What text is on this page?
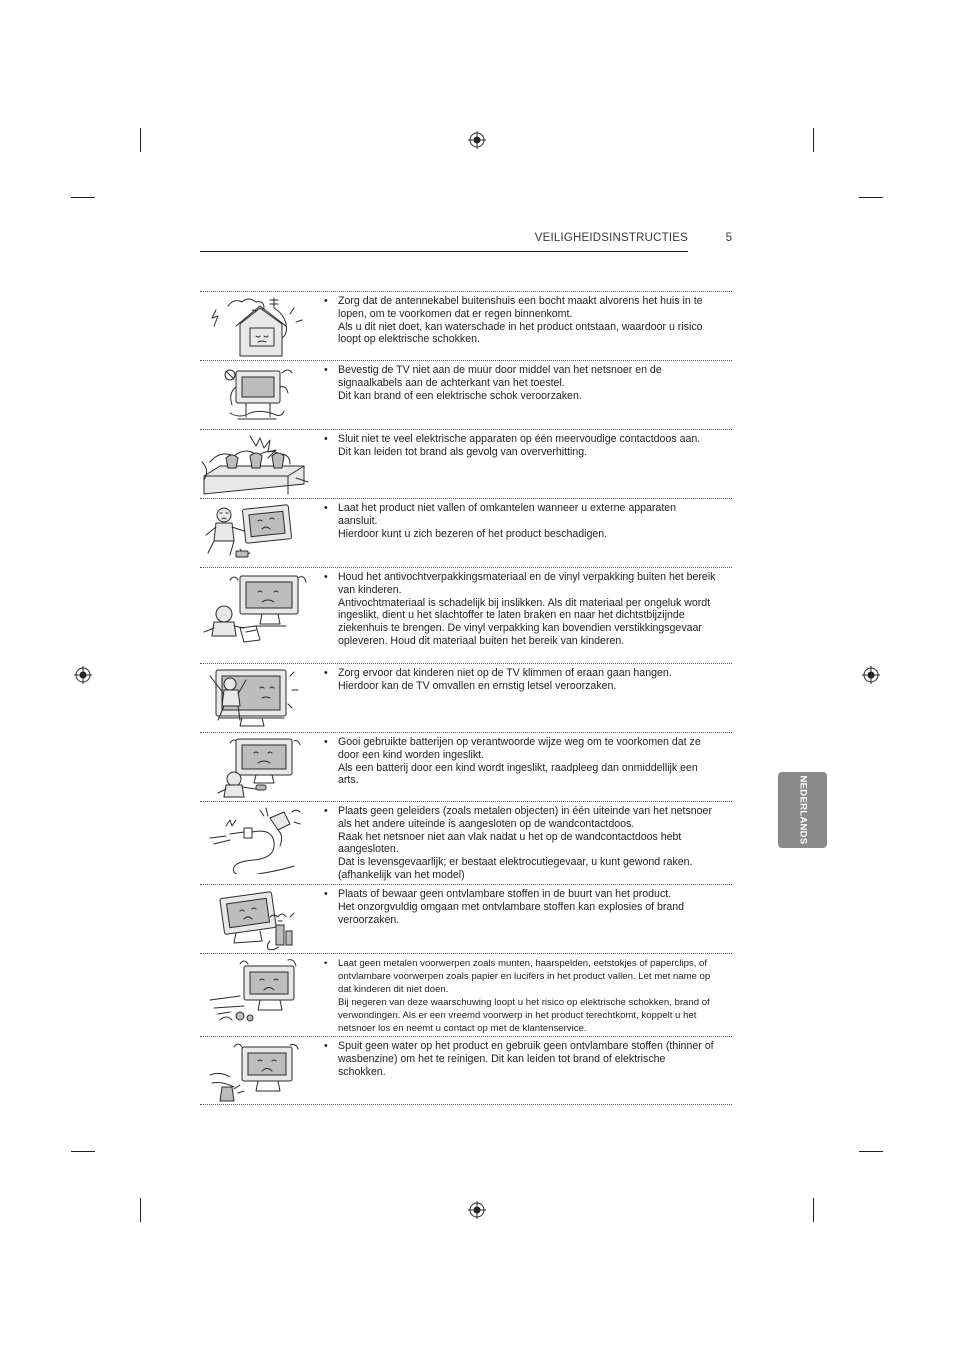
VEILIGHEIDSINSTRUCTIES	5
NEDERLANDS
• Zorg dat de antennekabel buitenshuis een bocht maakt alvorens het huis in te lopen, om te voorkomen dat er regen binnenkomt.
Als u dit niet doet, kan waterschade in het product ontstaan, waardoor u risico loopt op elektrische schokken.
• Bevestig de TV niet aan de muur door middel van het netsnoer en de signaalkabels aan de achterkant van het toestel.
Dit kan brand of een elektrische schok veroorzaken.
• Sluit niet te veel elektrische apparaten op één meervoudige contactdoos aan.
Dit kan leiden tot brand als gevolg van oververhitting.
• Laat het product niet vallen of omkantelen wanneer u externe apparaten aansluit.
Hierdoor kunt u zich bezeren of het product beschadigen.
• Houd het antivochtverpakkingsmateriaal en de vinyl verpakking buiten het bereik van kinderen.
Antivochtmateriaal is schadelijk bij inslikken. Als dit materiaal per ongeluk wordt ingeslikt, dient u het slachtoffer te laten braken en naar het dichtstbijzijnde ziekenhuis te brengen. De vinyl verpakking kan bovendien verstikkingsgevaar opleveren. Houd dit materiaal buiten het bereik van kinderen.
• Zorg ervoor dat kinderen niet op de TV klimmen of eraan gaan hangen.
Hierdoor kan de TV omvallen en ernstig letsel veroorzaken.
• Gooi gebruikte batterijen op verantwoorde wijze weg om te voorkomen dat ze door een kind worden ingeslikt.
Als een batterij door een kind wordt ingeslikt, raadpleeg dan onmiddellijk een arts.
• Plaats geen geleiders (zoals metalen objecten) in één uiteinde van het netsnoer als het andere uiteinde is aangesloten op de wandcontactdoos.
Raak het netsnoer niet aan vlak nadat u het op de wandcontactdoos hebt aangesloten.
Dat is levensgevaarlijk; er bestaat elektrocutiegevaar, u kunt gewond raken. (afhankelijk van het model)
• Plaats of bewaar geen ontvlambare stoffen in de buurt van het product.
Het onzorgvuldig omgaan met ontvlambare stoffen kan explosies of brand veroorzaken.
• Laat geen metalen voorwerpen zoals munten, haarspelden, eetstokjes of paperclips, of ontvlambare voorwerpen zoals papier en lucifers in het product vallen. Let met name op dat kinderen dit niet doen.
Bij negeren van deze waarschuwing loopt u het risico op elektrische schokken, brand of verwondingen. Als er een vreemd voorwerp in het product terechtkomt, koppelt u het netsnoer los en neemt u contact op met de klantenservice.
• Spuit geen water op het product en gebruik geen ontvlambare stoffen (thinner of wasbenzine) om het te reinigen. Dit kan leiden tot brand of elektrische schokken.
